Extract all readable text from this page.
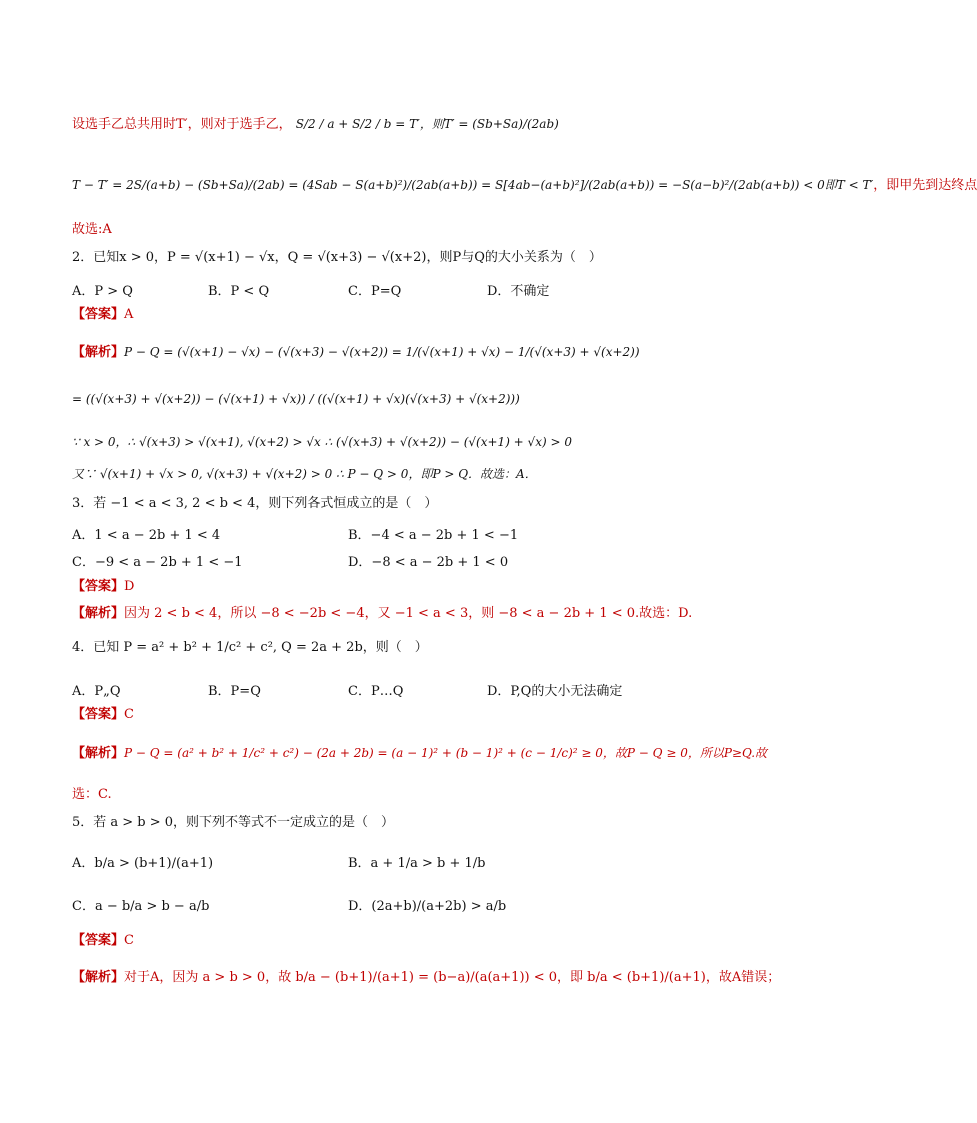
设选手乙总共用时T′，则对于选手乙， S/2 / a + S/2 / b = T′，则T′ = (Sb+Sa)/(2ab)
T − T′ = 2S/(a+b) − (Sb+Sa)/(2ab) = (4Sab − S(a+b)²)/(2ab(a+b)) = S[4ab−(a+b)²]/(2ab(a+b)) = −S(a−b)²/(2ab(a+b)) < 0即T < T′，即甲先到达终点
故选:A
2．已知x > 0，P = √(x+1) − √x，Q = √(x+3) − √(x+2)，则P与Q的大小关系为（　）
A．P > Q	B．P < Q	C．P=Q	D．不确定
【答案】A
【解析】P − Q = (√(x+1) − √x) − (√(x+3) − √(x+2)) = 1/(√(x+1) + √x) − 1/(√(x+3) + √(x+2))
= ((√(x+3) + √(x+2)) − (√(x+1) + √x)) / ((√(x+1) + √x)(√(x+3) + √(x+2)))
∵ x > 0，∴ √(x+3) > √(x+1), √(x+2) > √x ∴ (√(x+3) + √(x+2)) − (√(x+1) + √x) > 0
又∵ √(x+1) + √x > 0, √(x+3) + √(x+2) > 0 ∴ P − Q > 0，即P > Q．故选：A．
3．若 −1 < a < 3, 2 < b < 4，则下列各式恒成立的是（　）
A．1 < a − 2b + 1 < 4	B．−4 < a − 2b + 1 < −1
C．−9 < a − 2b + 1 < −1	D．−8 < a − 2b + 1 < 0
【答案】D
【解析】因为 2 < b < 4，所以 −8 < −2b < −4，又 −1 < a < 3，则 −8 < a − 2b + 1 < 0.故选：D.
4．已知 P = a² + b² + 1/c² + c², Q = 2a + 2b，则（　）
A．P„Q	B．P=Q	C．P…Q	D．P,Q的大小无法确定
【答案】C
【解析】P − Q = (a² + b² + 1/c² + c²) − (2a + 2b) = (a − 1)² + (b − 1)² + (c − 1/c)² ≥ 0，故P − Q ≥ 0，所以P≥Q.故
选：C.
5．若 a > b > 0，则下列不等式不一定成立的是（　）
A．b/a > (b+1)/(a+1)	B．a + 1/a > b + 1/b
C．a − b/a > b − a/b	D．(2a+b)/(a+2b) > a/b
【答案】C
【解析】对于A，因为 a > b > 0，故 b/a − (b+1)/(a+1) = (b−a)/(a(a+1)) < 0，即 b/a < (b+1)/(a+1)，故A错误；
